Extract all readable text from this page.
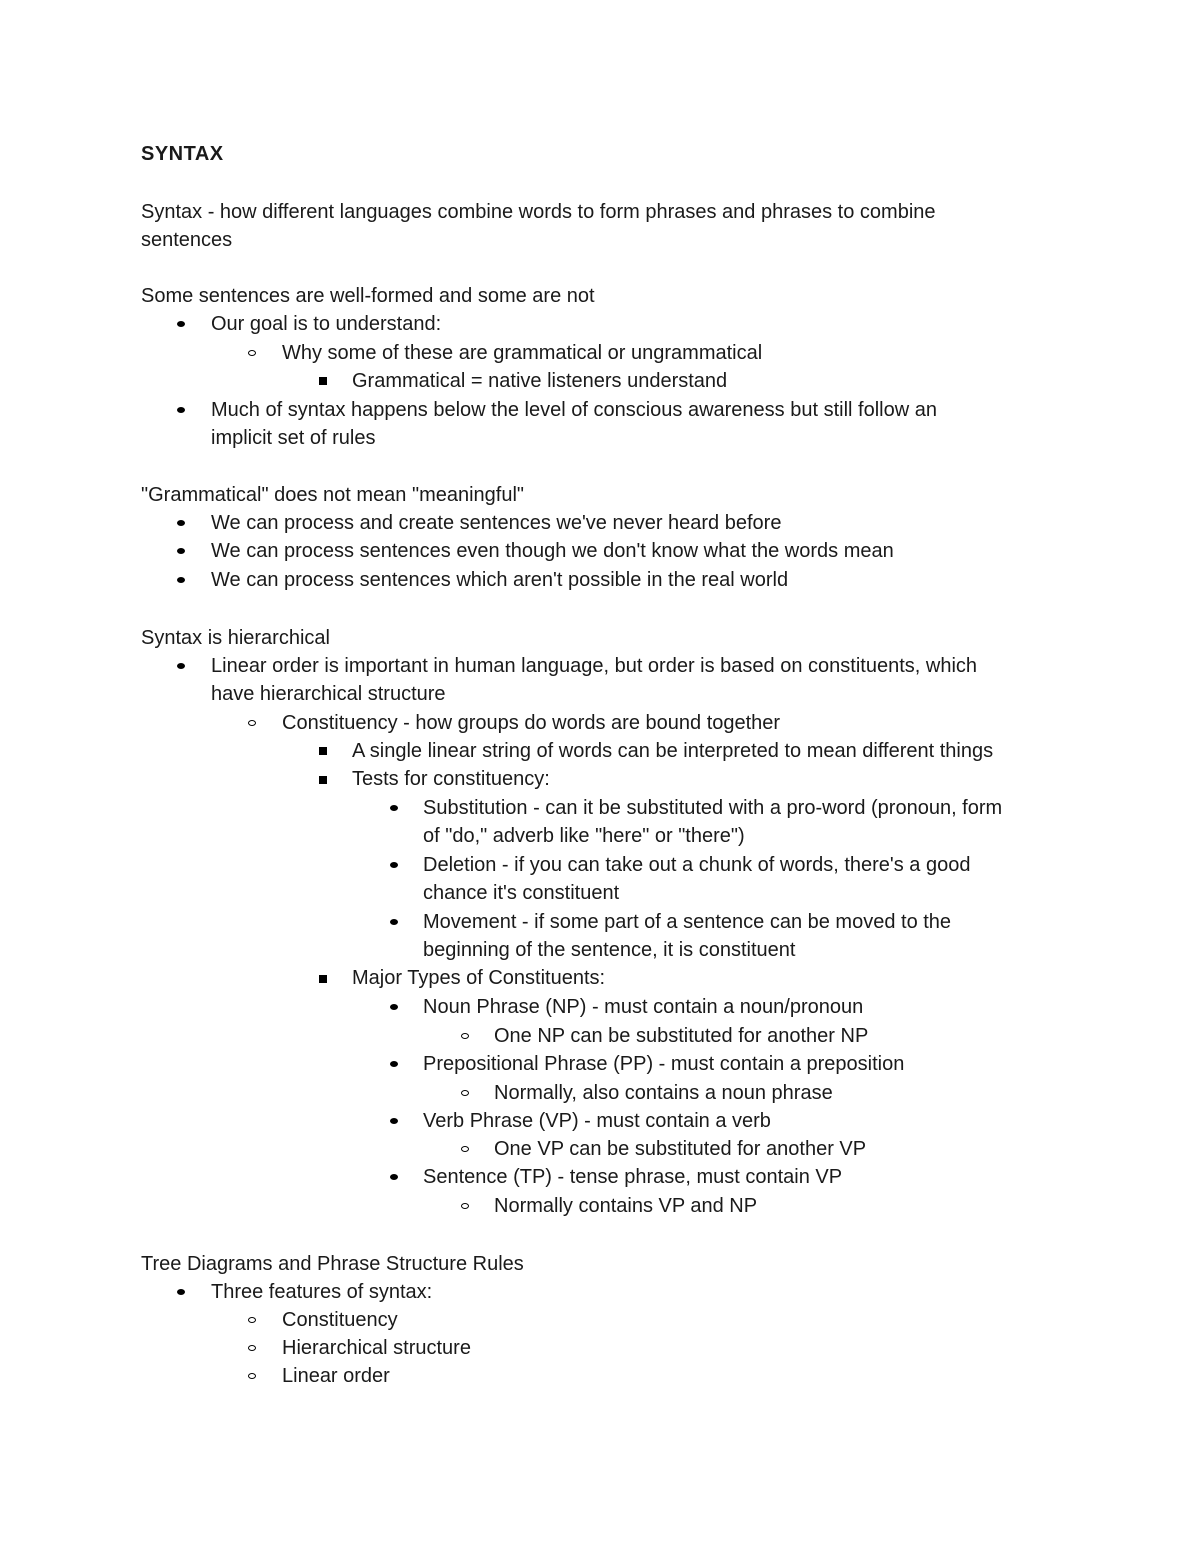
SYNTAX
Syntax - how different languages combine words to form phrases and phrases to combine
sentences
Some sentences are well-formed and some are not
Our goal is to understand:
Why some of these are grammatical or ungrammatical
Grammatical = native listeners understand
Much of syntax happens below the level of conscious awareness but still follow an
implicit set of rules
"Grammatical" does not mean "meaningful"
We can process and create sentences we've never heard before
We can process sentences even though we don't know what the words mean
We can process sentences which aren't possible in the real world
Syntax is hierarchical
Linear order is important in human language, but order is based on constituents, which
have hierarchical structure
Constituency - how groups do words are bound together
A single linear string of words can be interpreted to mean different things
Tests for constituency:
Substitution - can it be substituted with a pro-word (pronoun, form
of "do," adverb like "here" or "there")
Deletion - if you can take out a chunk of words, there's a good
chance it's constituent
Movement - if some part of a sentence can be moved to the
beginning of the sentence, it is constituent
Major Types of Constituents:
Noun Phrase (NP) - must contain a noun/pronoun
One NP can be substituted for another NP
Prepositional Phrase (PP) - must contain a preposition
Normally, also contains a noun phrase
Verb Phrase (VP) - must contain a verb
One VP can be substituted for another VP
Sentence (TP) - tense phrase, must contain VP
Normally contains VP and NP
Tree Diagrams and Phrase Structure Rules
Three features of syntax:
Constituency
Hierarchical structure
Linear order
